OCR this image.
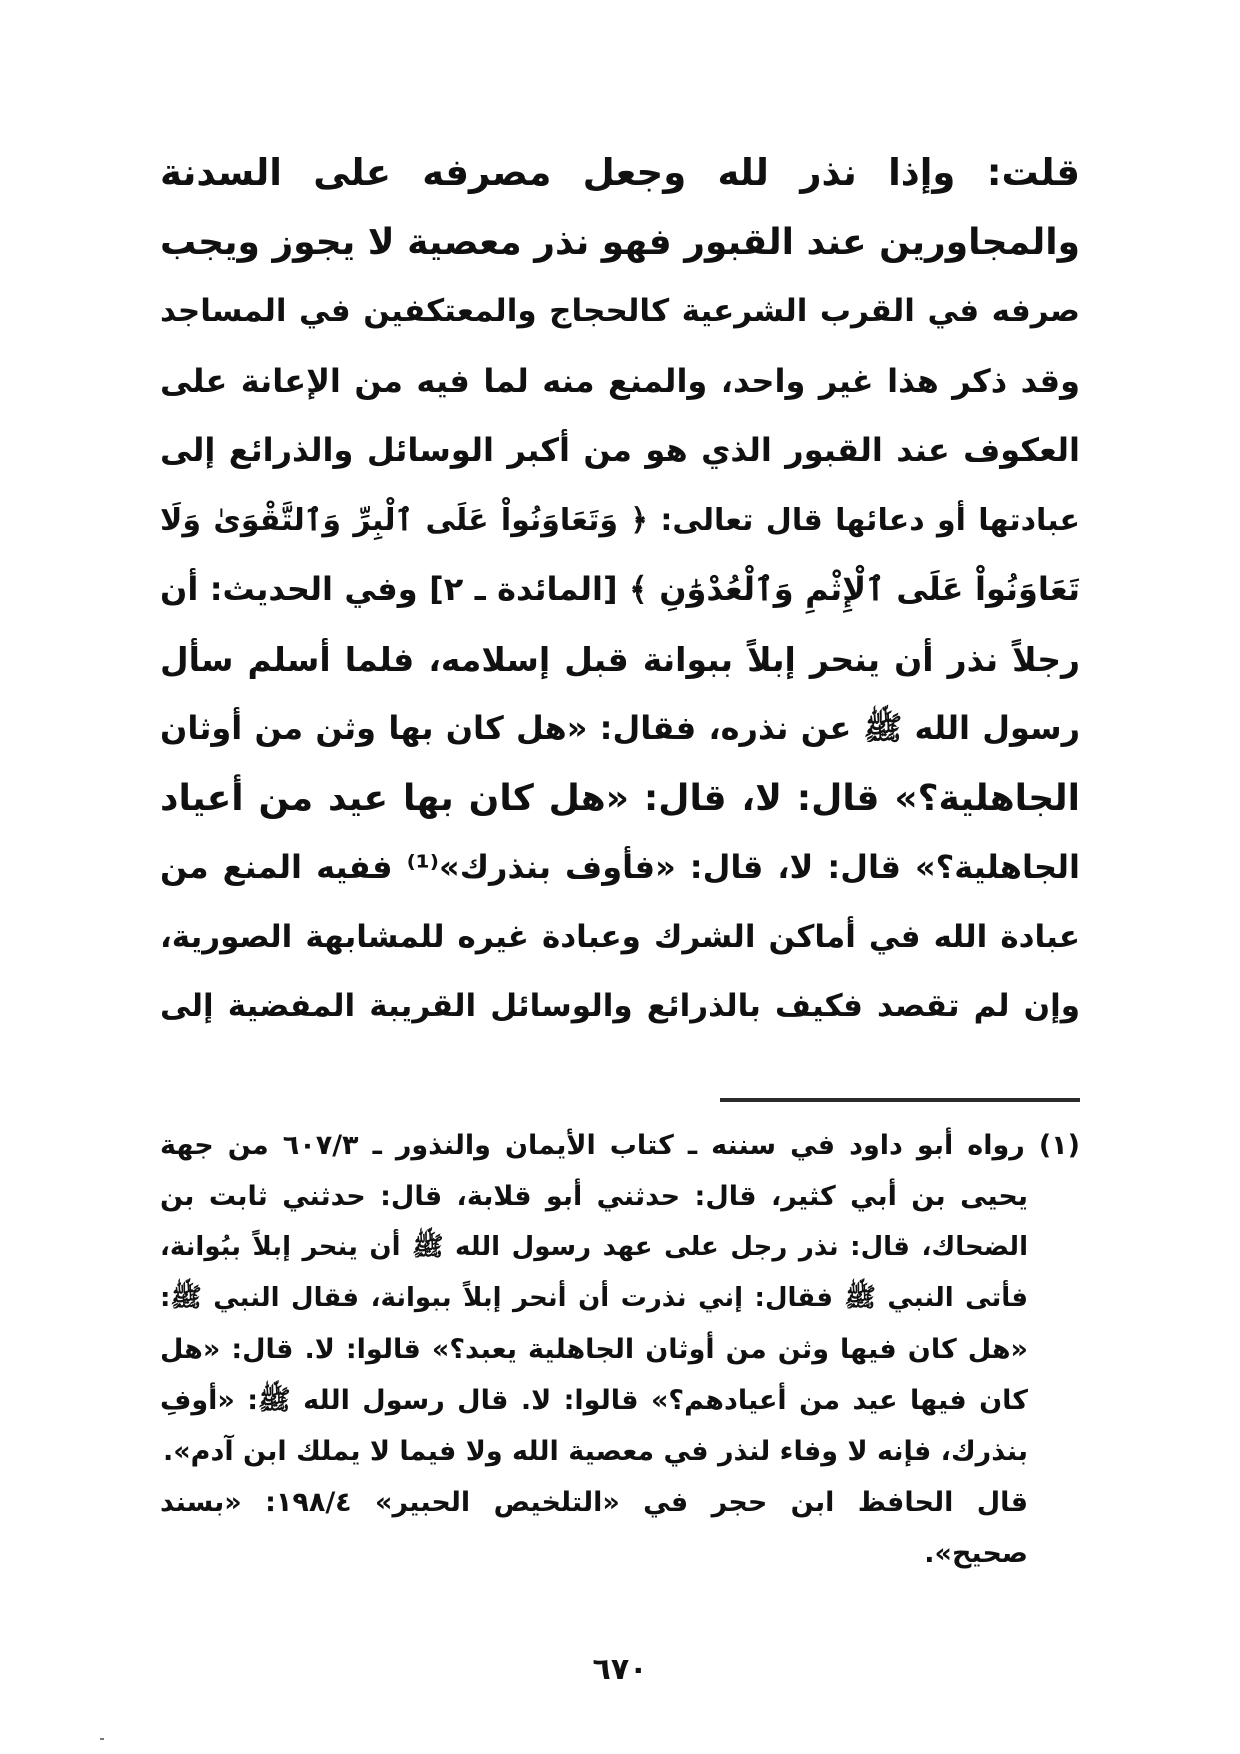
قلت: وإذا نذر لله وجعل مصرفه على السدنة
والمجاورين عند القبور فهو نذر معصية لا يجوز ويجب
صرفه في القرب الشرعية كالحجاج والمعتكفين في المساجد
وقد ذكر هذا غير واحد، والمنع منه لما فيه من الإعانة على
العكوف عند القبور الذي هو من أكبر الوسائل والذرائع إلى
عبادتها أو دعائها قال تعالى: ﴿ وَتَعَاوَنُواْ عَلَى ٱلْبِرِّ وَٱلتَّقْوَىٰ وَلَا
تَعَاوَنُواْ عَلَى ٱلْإِثْمِ وَٱلْعُدْوَٰنِ ﴾ [المائدة ـ ٢] وفي الحديث: أن
رجلاً نذر أن ينحر إبلاً ببوانة قبل إسلامه، فلما أسلم سأل
رسول الله ﷺ عن نذره، فقال: «هل كان بها وثن من أوثان
الجاهلية؟» قال: لا، قال: «هل كان بها عيد من أعياد
الجاهلية؟» قال: لا، قال: «فأوف بنذرك»⁽¹⁾ ففيه المنع من
عبادة الله في أماكن الشرك وعبادة غيره للمشابهة الصورية،
وإن لم تقصد فكيف بالذرائع والوسائل القريبة المفضية إلى
(١) رواه أبو داود في سننه ـ كتاب الأيمان والنذور ـ ٦٠٧/٣ من جهة
يحيى بن أبي كثير، قال: حدثني أبو قلابة، قال: حدثني ثابت بن
الضحاك، قال: نذر رجل على عهد رسول الله ﷺ أن ينحر إبلاً ببُوانة،
فأتى النبي ﷺ فقال: إني نذرت أن أنحر إبلاً ببوانة، فقال النبي ﷺ:
«هل كان فيها وثن من أوثان الجاهلية يعبد؟» قالوا: لا. قال: «هل
كان فيها عيد من أعيادهم؟» قالوا: لا. قال رسول الله ﷺ: «أوفِ
بنذرك، فإنه لا وفاء لنذر في معصية الله ولا فيما لا يملك ابن آدم».
قال الحافظ ابن حجر في «التلخيص الحبير» ١٩٨/٤: «بسند
صحيح».
٦٧٠
